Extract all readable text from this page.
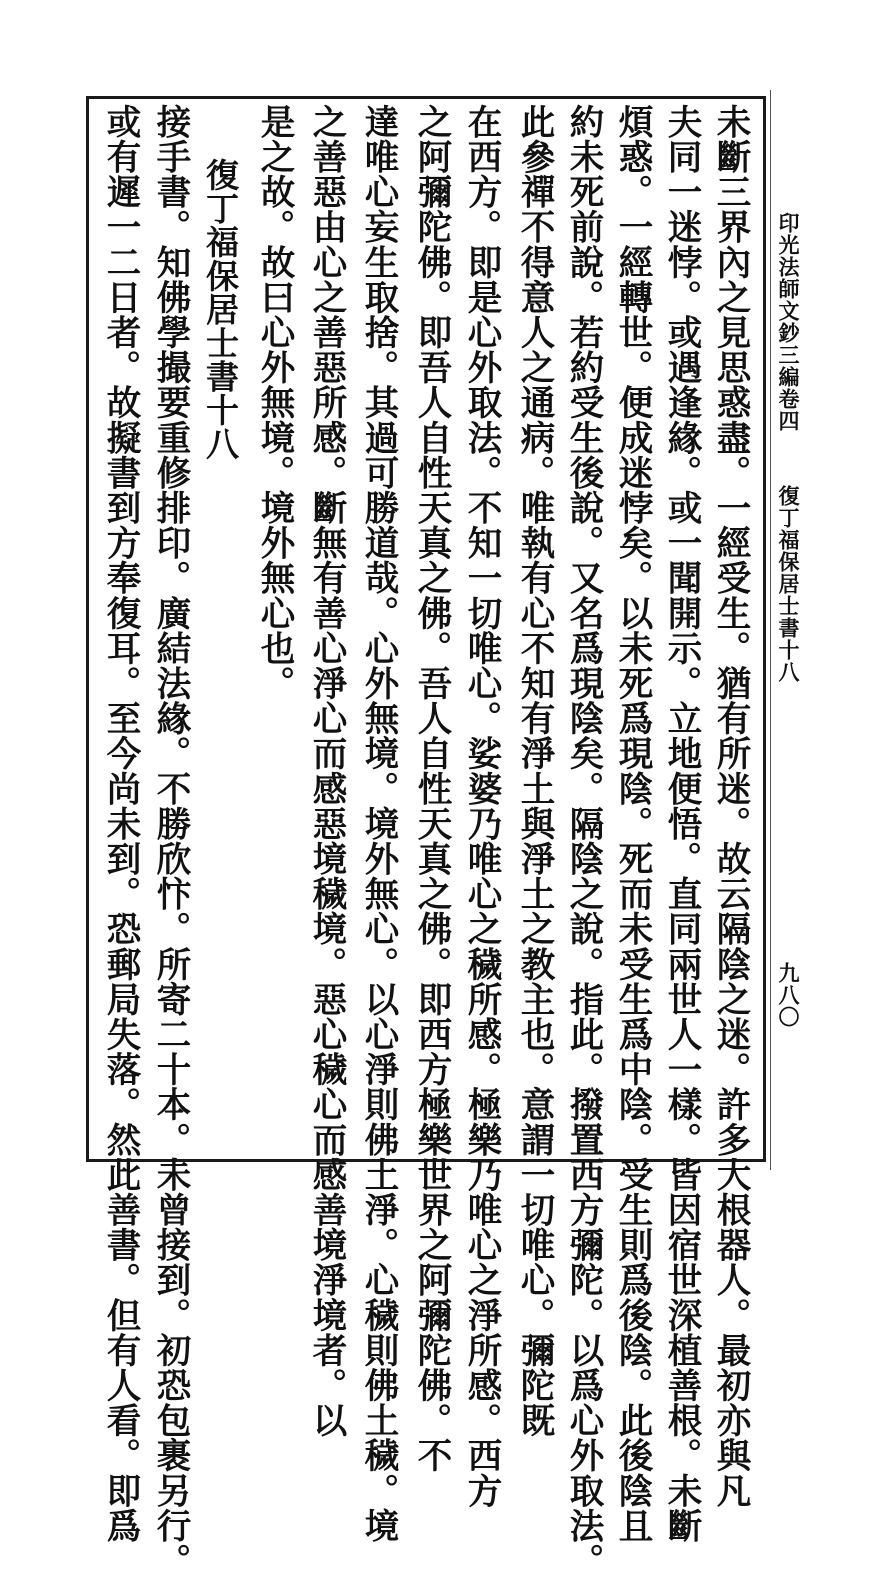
印光法師文鈔三編卷四
復丁福保居士書十八
九八〇
未斷三界內之見思惑盡。一經受生。猶有所迷。故云隔陰之迷。許多大根器人。最初亦與凡
夫同一迷悖。或遇逢緣。或一聞開示。立地便悟。直同兩世人一樣。皆因宿世深植善根。未斷
煩惑。一經轉世。便成迷悖矣。以未死爲現陰。死而未受生爲中陰。受生則爲後陰。此後陰且
約未死前說。若約受生後說。又名爲現陰矣。隔陰之說。指此。撥置西方彌陀。以爲心外取法。
此參禪不得意人之通病。唯執有心不知有淨土與淨土之教主也。意謂一切唯心。彌陀既
在西方。即是心外取法。不知一切唯心。娑婆乃唯心之穢所感。極樂乃唯心之淨所感。西方
之阿彌陀佛。即吾人自性天真之佛。吾人自性天真之佛。即西方極樂世界之阿彌陀佛。不
達唯心妄生取捨。其過可勝道哉。心外無境。境外無心。以心淨則佛土淨。心穢則佛土穢。境
之善惡由心之善惡所感。斷無有善心淨心而感惡境穢境。惡心穢心而感善境淨境者。以
是之故。故曰心外無境。境外無心也。
復丁福保居士書十八
接手書。知佛學撮要重修排印。廣結法緣。不勝欣忭。所寄二十本。未曾接到。初恐包裹另行。
或有遲一二日者。故擬書到方奉復耳。至今尚未到。恐郵局失落。然此善書。但有人看。即爲
